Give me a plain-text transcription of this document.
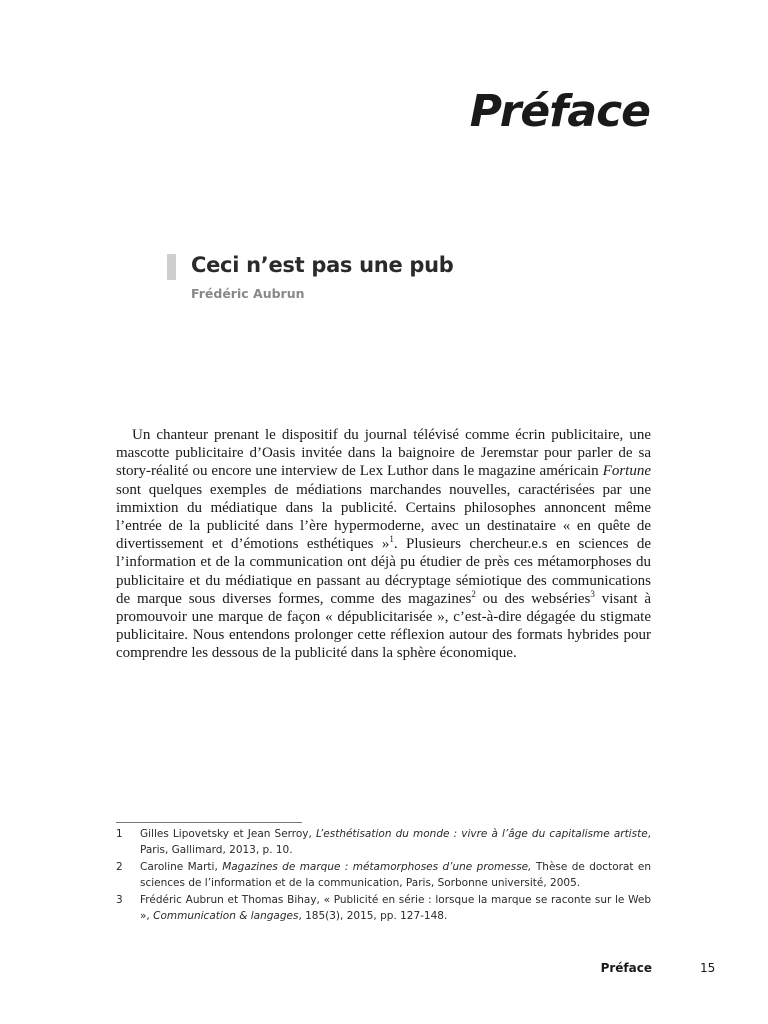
Préface
Ceci n’est pas une pub
Frédéric Aubrun

Un chanteur prenant le dispositif du journal télévisé comme écrin publicitaire, une mascotte publicitaire d’Oasis invitée dans la baignoire de Jeremstar pour parler de sa story-réalité ou encore une interview de Lex Luthor dans le magazine américain Fortune sont quelques exemples de médiations marchandes nouvelles, caractérisées par une immixtion du médiatique dans la publicité. Certains philosophes annoncent même l’entrée de la publicité dans l’ère hypermoderne, avec un destinataire « en quête de divertissement et d’émotions esthétiques »$^1$. Plusieurs chercheur.e.s en sciences de l’information et de la communication ont déjà pu étudier de près ces métamorphoses du publicitaire et du médiatique en passant au décryptage sémiotique des communications de marque sous diverses formes, comme des magazines$^2$ ou des webséries$^3$ visant à promouvoir une marque de façon « dépublicitarisée », c’est-à-dire dégagée du stigmate publicitaire. Nous entendons prolonger cette réflexion autour des formats hybrides pour comprendre les dessous de la publicité dans la sphère économique.

1	Gilles Lipovetsky et Jean Serroy, L’esthétisation du monde : vivre à l’âge du capitalisme artiste, Paris, Gallimard, 2013, p. 10.
2	Caroline Marti, Magazines de marque : métamorphoses d’une promesse, Thèse de doctorat en sciences de l’information et de la communication, Paris, Sorbonne université, 2005.
3	Frédéric Aubrun et Thomas Bihay, « Publicité en série : lorsque la marque se raconte sur le Web », Communication & langages, 185(3), 2015, pp. 127-148.
Préface	15
